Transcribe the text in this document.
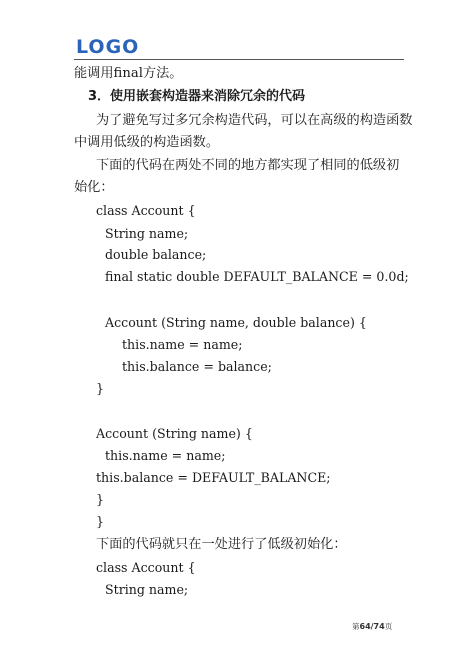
LOGO
能调用final方法。
3．使用嵌套构造器来消除冗余的代码
为了避免写过多冗余构造代码，可以在高级的构造函数
中调用低级的构造函数。
下面的代码在两处不同的地方都实现了相同的低级初
始化：
class Account {
String name;
double balance;
final static double DEFAULT_BALANCE = 0.0d;
Account (String name, double balance) {
this.name = name;
this.balance = balance;
}
Account (String name) {
this.name = name;
this.balance = DEFAULT_BALANCE;
}
}
下面的代码就只在一处进行了低级初始化：
class Account {
String name;
第64/74页
